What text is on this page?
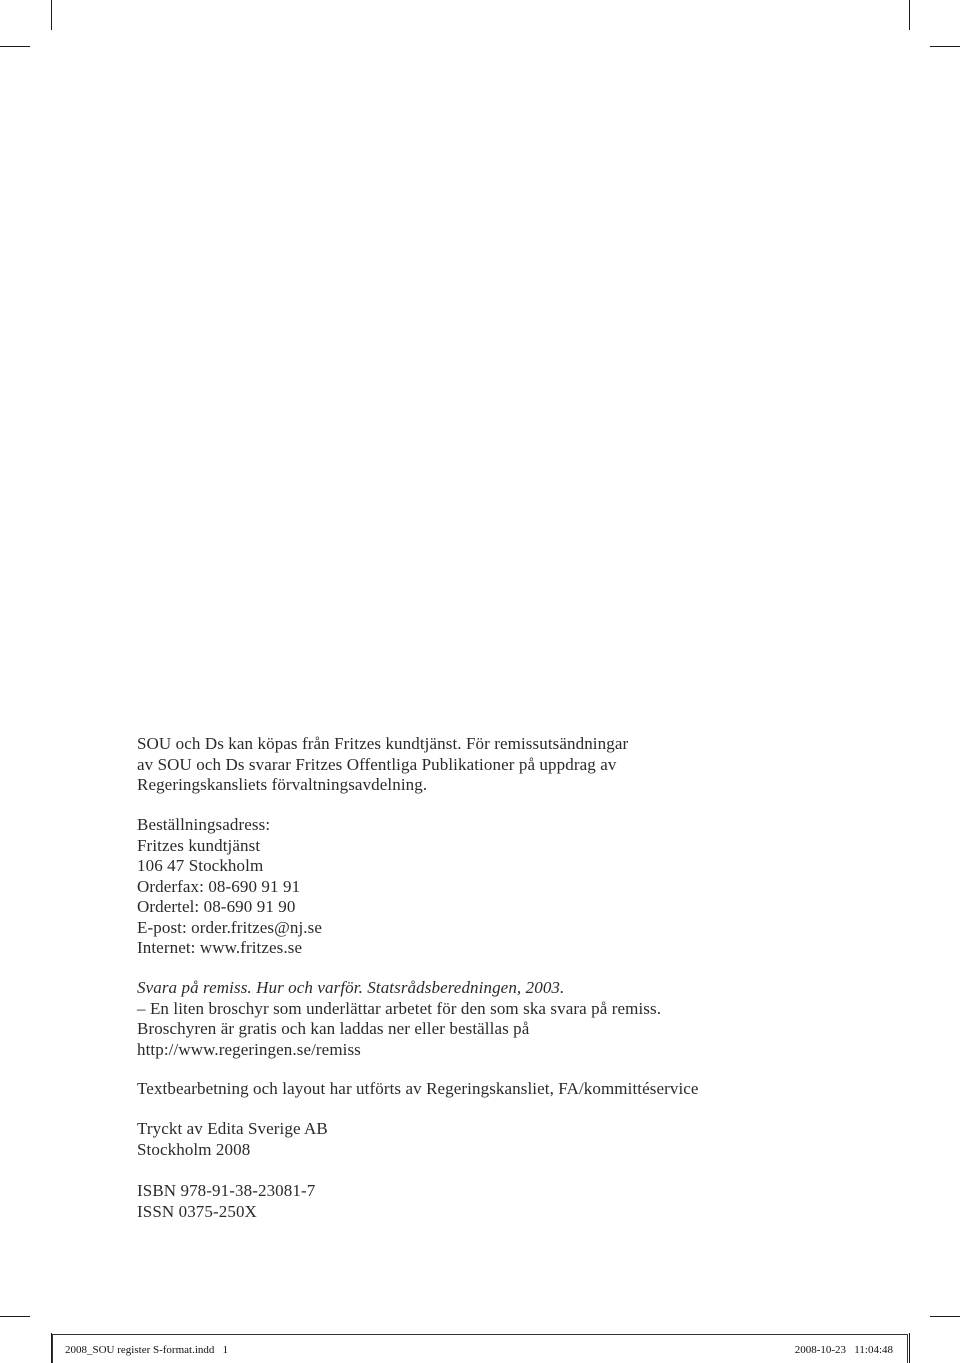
SOU och Ds kan köpas från Fritzes kundtjänst. För remissutsändningar
av SOU och Ds svarar Fritzes Offentliga Publikationer på uppdrag av
Regeringskansliets förvaltningsavdelning.
Beställningsadress:
Fritzes kundtjänst
106 47 Stockholm
Orderfax: 08-690 91 91
Ordertel: 08-690 91 90
E-post: order.fritzes@nj.se
Internet: www.fritzes.se
Svara på remiss. Hur och varför. Statsrådsberedningen, 2003.
– En liten broschyr som underlättar arbetet för den som ska svara på remiss.
Broschyren är gratis och kan laddas ner eller beställas på
http://www.regeringen.se/remiss
Textbearbetning och layout har utförts av Regeringskansliet, FA/kommittéservice
Tryckt av Edita Sverige AB
Stockholm 2008
ISBN 978-91-38-23081-7
ISSN 0375-250X
2008_SOU register S-format.indd   1	2008-10-23   11:04:48
